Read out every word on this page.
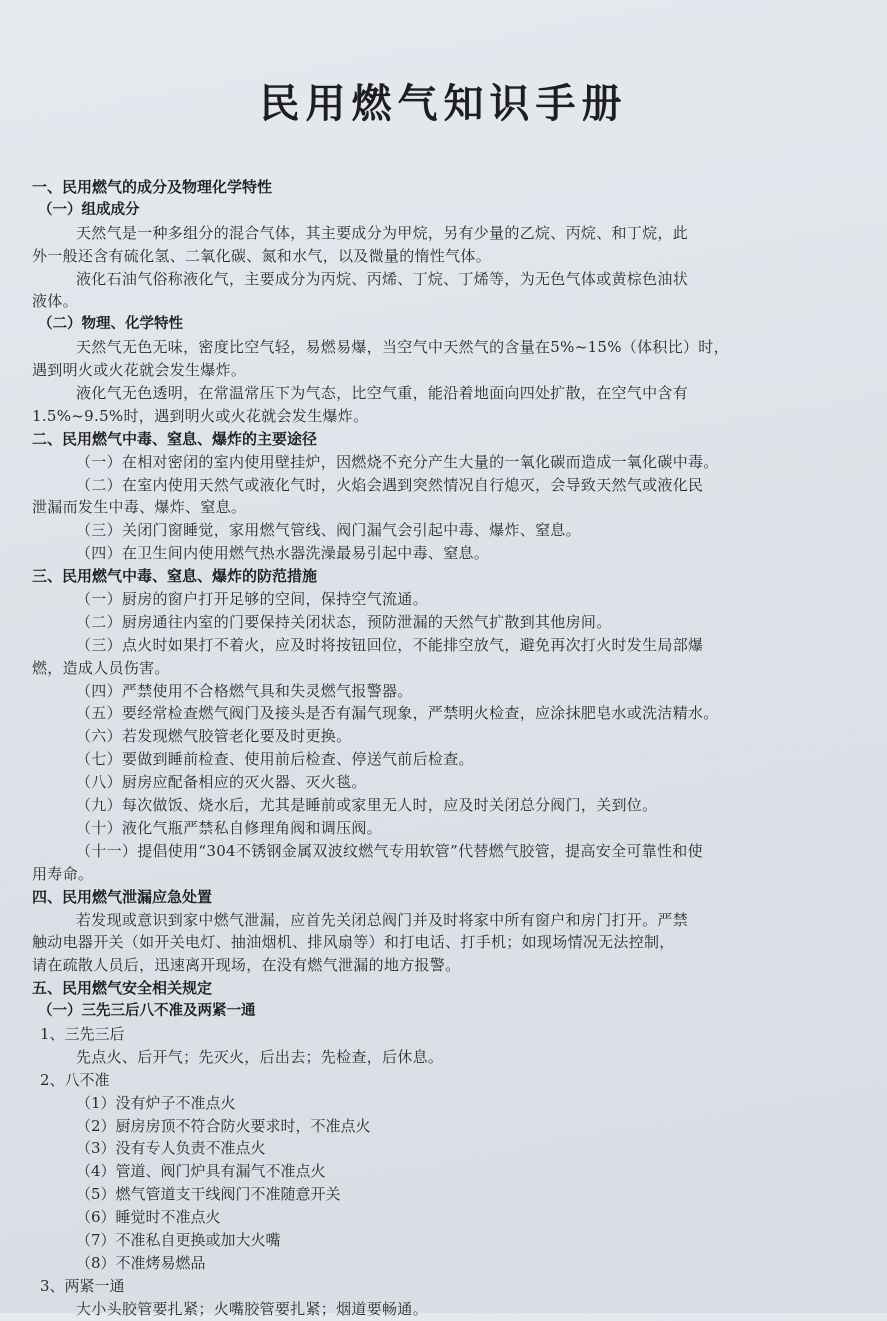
民用燃气知识手册
一、民用燃气的成分及物理化学特性
（一）组成成分
天然气是一种多组分的混合气体，其主要成分为甲烷，另有少量的乙烷、丙烷、和丁烷，此
外一般还含有硫化氢、二氧化碳、氮和水气，以及微量的惰性气体。
液化石油气俗称液化气，主要成分为丙烷、丙烯、丁烷、丁烯等，为无色气体或黄棕色油状
液体。
（二）物理、化学特性
天然气无色无味，密度比空气轻，易燃易爆，当空气中天然气的含量在5%~15%（体积比）时，
遇到明火或火花就会发生爆炸。
液化气无色透明，在常温常压下为气态，比空气重，能沿着地面向四处扩散，在空气中含有
1.5%~9.5%时，遇到明火或火花就会发生爆炸。
二、民用燃气中毒、窒息、爆炸的主要途径
（一）在相对密闭的室内使用壁挂炉，因燃烧不充分产生大量的一氧化碳而造成一氧化碳中毒。
（二）在室内使用天然气或液化气时，火焰会遇到突然情况自行熄灭，会导致天然气或液化民
泄漏而发生中毒、爆炸、窒息。
（三）关闭门窗睡觉，家用燃气管线、阀门漏气会引起中毒、爆炸、窒息。
（四）在卫生间内使用燃气热水器洗澡最易引起中毒、窒息。
三、民用燃气中毒、窒息、爆炸的防范措施
（一）厨房的窗户打开足够的空间，保持空气流通。
（二）厨房通往内室的门要保持关闭状态，预防泄漏的天然气扩散到其他房间。
（三）点火时如果打不着火，应及时将按钮回位，不能排空放气，避免再次打火时发生局部爆
燃，造成人员伤害。
（四）严禁使用不合格燃气具和失灵燃气报警器。
（五）要经常检查燃气阀门及接头是否有漏气现象，严禁明火检查，应涂抹肥皂水或洗洁精水。
（六）若发现燃气胶管老化要及时更换。
（七）要做到睡前检查、使用前后检查、停送气前后检查。
（八）厨房应配备相应的灭火器、灭火毯。
（九）每次做饭、烧水后，尤其是睡前或家里无人时，应及时关闭总分阀门，关到位。
（十）液化气瓶严禁私自修理角阀和调压阀。
（十一）提倡使用“304不锈钢金属双波纹燃气专用软管”代替燃气胶管，提高安全可靠性和使
用寿命。
四、民用燃气泄漏应急处置
若发现或意识到家中燃气泄漏，应首先关闭总阀门并及时将家中所有窗户和房门打开。严禁
触动电器开关（如开关电灯、抽油烟机、排风扇等）和打电话、打手机；如现场情况无法控制，
请在疏散人员后，迅速离开现场，在没有燃气泄漏的地方报警。
五、民用燃气安全相关规定
（一）三先三后八不准及两紧一通
1、三先三后
先点火、后开气；先灭火，后出去；先检查，后休息。
2、八不准
（1）没有炉子不准点火
（2）厨房房顶不符合防火要求时，不准点火
（3）没有专人负责不准点火
（4）管道、阀门炉具有漏气不准点火
（5）燃气管道支干线阀门不准随意开关
（6）睡觉时不准点火
（7）不准私自更换或加大火嘴
（8）不准烤易燃品
3、两紧一通
大小头胶管要扎紧；火嘴胶管要扎紧；烟道要畅通。
